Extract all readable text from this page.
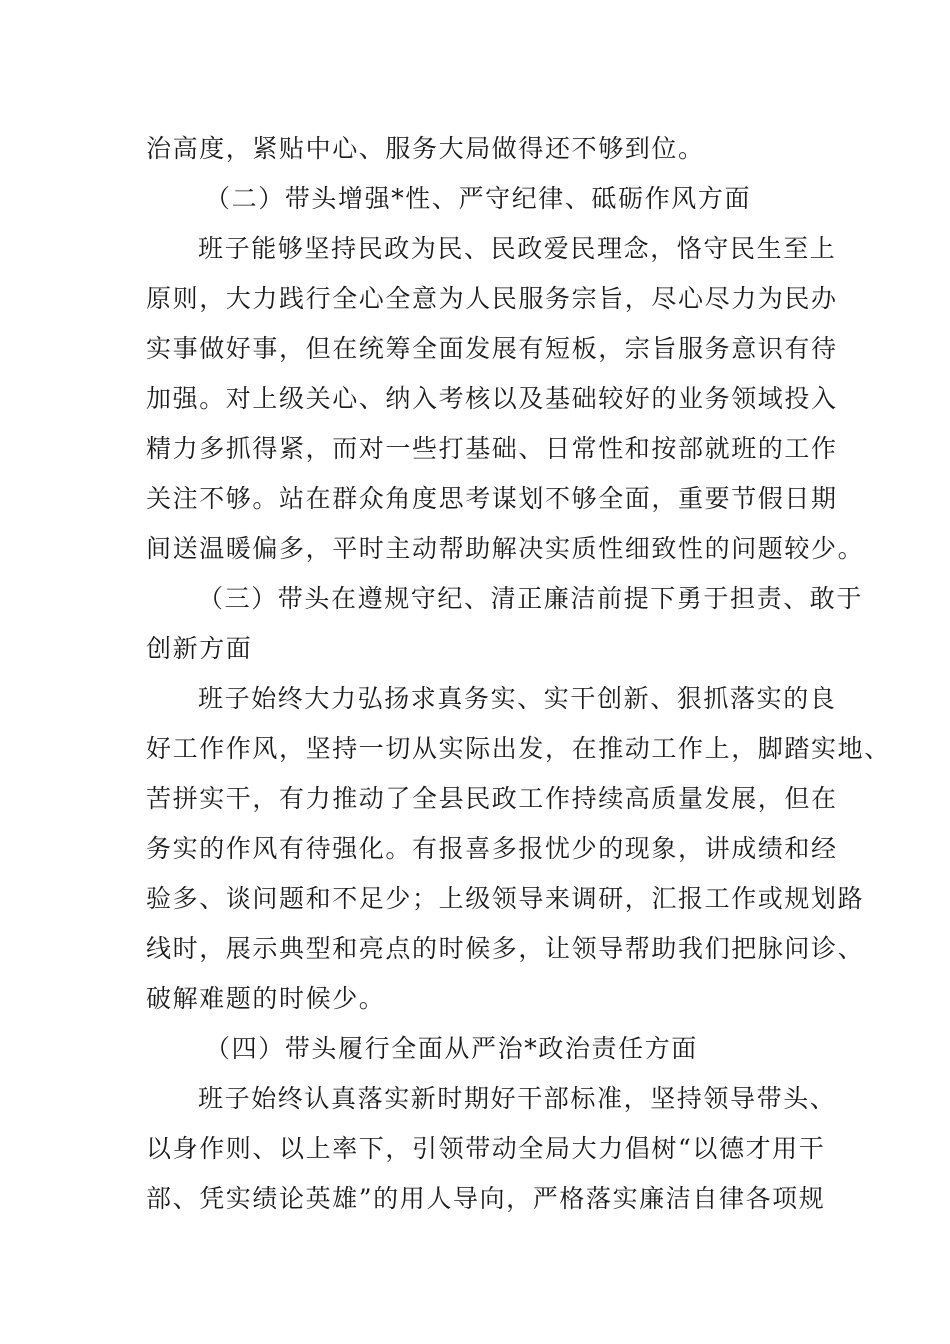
治高度，紧贴中心、服务大局做得还不够到位。
（二）带头增强*性、严守纪律、砥砺作风方面
班子能够坚持民政为民、民政爱民理念，恪守民生至上
原则，大力践行全心全意为人民服务宗旨，尽心尽力为民办
实事做好事，但在统筹全面发展有短板，宗旨服务意识有待
加强。对上级关心、纳入考核以及基础较好的业务领域投入
精力多抓得紧，而对一些打基础、日常性和按部就班的工作
关注不够。站在群众角度思考谋划不够全面，重要节假日期
间送温暖偏多，平时主动帮助解决实质性细致性的问题较少。
（三）带头在遵规守纪、清正廉洁前提下勇于担责、敢于
创新方面
班子始终大力弘扬求真务实、实干创新、狠抓落实的良
好工作作风，坚持一切从实际出发，在推动工作上，脚踏实地、
苦拼实干，有力推动了全县民政工作持续高质量发展，但在
务实的作风有待强化。有报喜多报忧少的现象，讲成绩和经
验多、谈问题和不足少；上级领导来调研，汇报工作或规划路
线时，展示典型和亮点的时候多，让领导帮助我们把脉问诊、
破解难题的时候少。
（四）带头履行全面从严治*政治责任方面
班子始终认真落实新时期好干部标准，坚持领导带头、
以身作则、以上率下，引领带动全局大力倡树“以德才用干
部、凭实绩论英雄”的用人导向，严格落实廉洁自律各项规
